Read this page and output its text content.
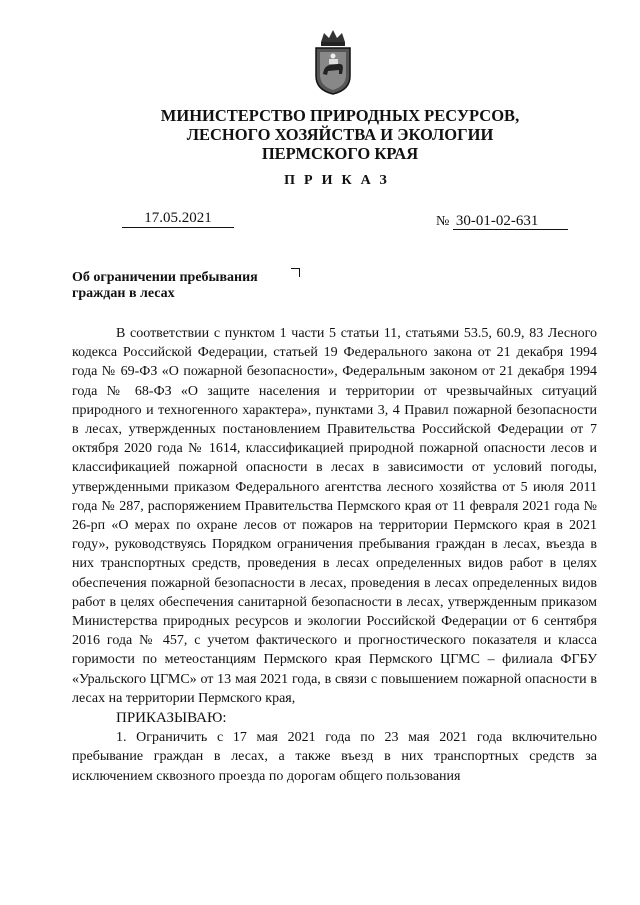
МИНИСТЕРСТВО ПРИРОДНЫХ РЕСУРСОВ,
ЛЕСНОГО ХОЗЯЙСТВА И ЭКОЛОГИИ
ПЕРМСКОГО КРАЯ
ПРИКАЗ
17.05.2021	№ 30-01-02-631
Об ограничении пребывания
граждан в лесах

В соответствии с пунктом 1 части 5 статьи 11, статьями 53.5, 60.9, 83 Лесного кодекса Российской Федерации, статьей 19 Федерального закона от 21 декабря 1994 года № 69-ФЗ «О пожарной безопасности», Федеральным законом от 21 декабря 1994 года № 68-ФЗ «О защите населения и территории от чрезвычайных ситуаций природного и техногенного характера», пунктами 3, 4 Правил пожарной безопасности в лесах, утвержденных постановлением Правительства Российской Федерации от 7 октября 2020 года № 1614, классификацией природной пожарной опасности лесов и классификацией пожарной опасности в лесах в зависимости от условий погоды, утвержденными приказом Федерального агентства лесного хозяйства от 5 июля 2011 года № 287, распоряжением Правительства Пермского края от 11 февраля 2021 года № 26-рп «О мерах по охране лесов от пожаров на территории Пермского края в 2021 году», руководствуясь Порядком ограничения пребывания граждан в лесах, въезда в них транспортных средств, проведения в лесах определенных видов работ в целях обеспечения пожарной безопасности в лесах, проведения в лесах определенных видов работ в целях обеспечения санитарной безопасности в лесах, утвержденным приказом Министерства природных ресурсов и экологии Российской Федерации от 6 сентября 2016 года № 457, с учетом фактического и прогностического показателя и класса горимости по метеостанциям Пермского края Пермского ЦГМС – филиала ФГБУ «Уральского ЦГМС» от 13 мая 2021 года, в связи с повышением пожарной опасности в лесах на территории Пермского края,

ПРИКАЗЫВАЮ:

1. Ограничить с 17 мая 2021 года по 23 мая 2021 года включительно пребывание граждан в лесах, а также въезд в них транспортных средств за исключением сквозного проезда по дорогам общего пользования
